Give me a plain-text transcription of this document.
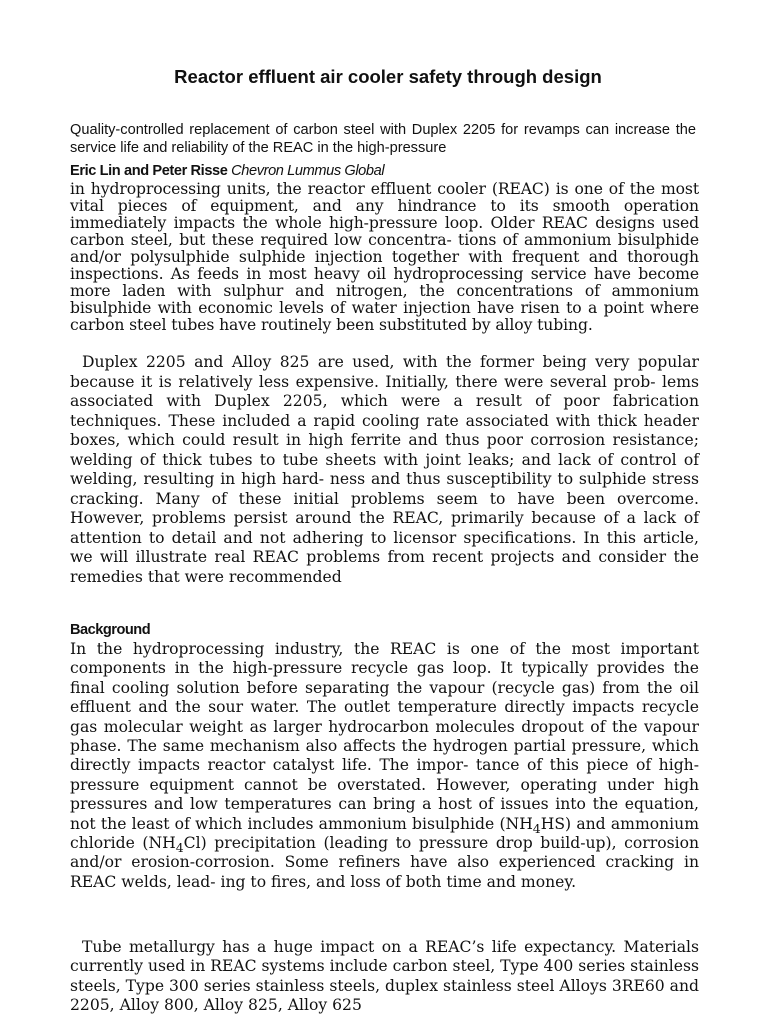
Reactor effluent air cooler safety through design

Quality-controlled replacement of carbon steel with Duplex 2205 for revamps can increase the service life and reliability of the REAC in the high-pressure

Eric Lin and Peter Risse Chevron Lummus Global

in hydroprocessing units, the reactor effluent cooler (REAC) is one of the most vital pieces of equipment, and any hindrance to its smooth operation immediately impacts the whole high-pressure loop. Older REAC designs used carbon steel, but these required low concentra- tions of ammonium bisulphide and/or polysulphide sulphide injection together with frequent and thorough inspections. As feeds in most heavy oil hydroprocessing service have become more laden with sulphur and nitrogen, the concentrations of ammonium bisulphide with economic levels of water injection have risen to a point where carbon steel tubes have routinely been substituted by alloy tubing.

Duplex 2205 and Alloy 825 are used, with the former being very popular because it is relatively less expensive. Initially, there were several prob- lems associated with Duplex 2205, which were a result of poor fabrication techniques. These included a rapid cooling rate associated with thick header boxes, which could result in high ferrite and thus poor corrosion resistance; welding of thick tubes to tube sheets with joint leaks; and lack of control of welding, resulting in high hard- ness and thus susceptibility to sulphide stress cracking. Many of these initial problems seem to have been overcome. However, problems persist around the REAC, primarily because of a lack of attention to detail and not adhering to licensor specifications. In this article, we will illustrate real REAC problems from recent projects and consider the remedies that were recommended

Background

In the hydroprocessing industry, the REAC is one of the most important components in the high-pressure recycle gas loop. It typically provides the final cooling solution before separating the vapour (recycle gas) from the oil effluent and the sour water. The outlet temperature directly impacts recycle gas molecular weight as larger hydrocarbon molecules dropout of the vapour phase. The same mechanism also affects the hydrogen partial pressure, which directly impacts reactor catalyst life. The impor- tance of this piece of high-pressure equipment cannot be overstated. However, operating under high pressures and low temperatures can bring a host of issues into the equation, not the least of which includes ammonium bisulphide $(NH_4HS)$ and ammonium chloride $(NH_4Cl)$ precipitation (leading to pressure drop build-up), corrosion and/or erosion-corrosion. Some refiners have also experienced cracking in REAC welds, lead- ing to fires, and loss of both time and money.

Tube metallurgy has a huge impact on a REAC’s life expectancy. Materials currently used in REAC systems include carbon steel, Type 400 series stainless steels, Type 300 series stainless steels, duplex stainless steel Alloys 3RE60 and 2205, Alloy 800, Alloy 825, Alloy 625
